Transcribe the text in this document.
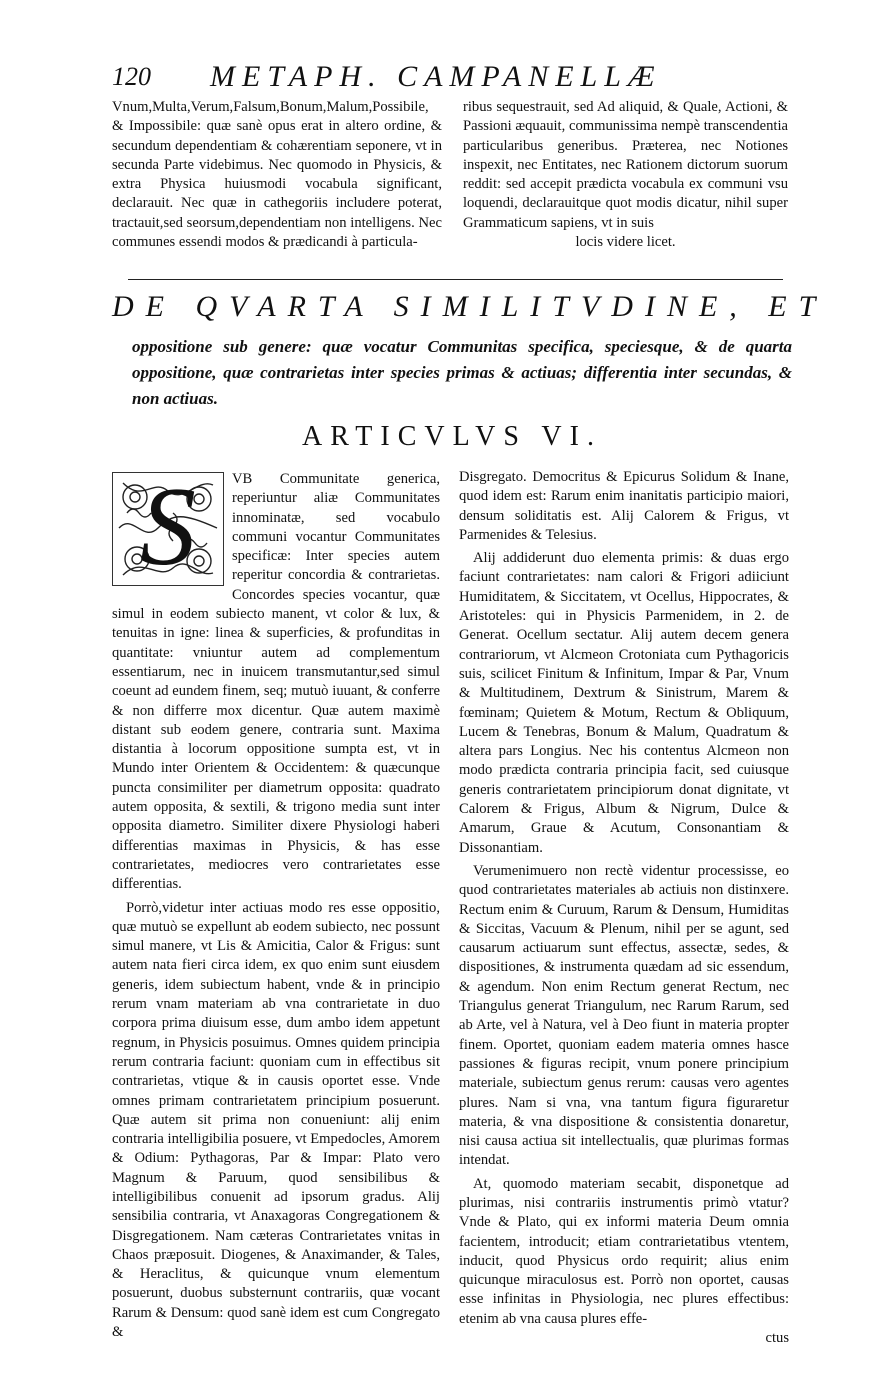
120 METAPH. CAMPANELLÆ

Vnum,Multa,Verum,Falsum,Bonum,Malum,Possibile, & Impossibile: quæ sanè opus erat in altero ordine, & secundum dependentiam & cohærentiam seponere, vt in secunda Parte videbimus. Nec quomodo in Physicis, & extra Physica huiusmodi vocabula significant, declarauit. Nec quæ in cathegoriis includere poterat, tractauit,sed seorsum,dependentiam non intelligens. Nec communes essendi modos & prædicandi à particula-

ribus sequestrauit, sed Ad aliquid, & Quale, Actioni, & Passioni æquauit, communissima nempè transcendentia particularibus generibus. Præterea, nec Notiones inspexit, nec Entitates, nec Rationem dictorum suorum reddit: sed accepit prædicta vocabula ex communi vsu loquendi, declarauitque quot modis dicatur, nihil super Grammaticum sapiens, vt in suis

locis videre licet.

DE QVARTA SIMILITVDINE, ET
oppositione sub genere: quæ vocatur Communitas specifica, speciesque, & de quarta oppositione, quæ contrarietas inter species primas & actiuas; differentia inter secundas, & non actiuas.
ARTICVLVS VI.
S	VB Communitate generica, reperiuntur aliæ Communitates innominatæ, sed vocabulo communi vocantur Communitates specificæ: Inter species autem reperitur concordia & contrarietas. Concordes species vocantur, quæ simul in eodem subiecto manent, vt color & lux, & tenuitas in igne: linea & superficies, & profunditas in quantitate: vniuntur autem ad complementum essentiarum, nec in inuicem transmutantur,sed simul coeunt ad eundem finem, seq; mutuò iuuant, & conferre & non differre mox dicentur. Quæ autem maximè distant sub eodem genere, contraria sunt. Maxima distantia à locorum oppositione sumpta est, vt in Mundo inter Orientem & Occidentem: & quæcunque puncta consimiliter per diametrum opposita: quadrato autem opposita, & sextili, & trigono media sunt inter opposita diametro. Similiter dixere Physiologi haberi differentias maximas in Physicis, & has esse contrarietates, mediocres vero contrarietates esse differentias.

Porrò,videtur inter actiuas modo res esse oppositio, quæ mutuò se expellunt ab eodem subiecto, nec possunt simul manere, vt Lis & Amicitia, Calor & Frigus: sunt autem nata fieri circa idem, ex quo enim sunt eiusdem generis, idem subiectum habent, vnde & in principio rerum vnam materiam ab vna contrarietate in duo corpora prima diuisum esse, dum ambo idem appetunt regnum, in Physicis posuimus. Omnes quidem principia rerum contraria faciunt: quoniam cum in effectibus sit contrarietas, vtique & in causis oportet esse. Vnde omnes primam contrarietatem principium posuerunt. Quæ autem sit prima non conueniunt: alij enim contraria intelligibilia posuere, vt Empedocles, Amorem & Odium: Pythagoras, Par & Impar: Plato vero Magnum & Paruum, quod sensibilibus & intelligibilibus conuenit ad ipsorum gradus. Alij sensibilia contraria, vt Anaxagoras Congregationem & Disgregationem. Nam cæteras Contrarietates vnitas in Chaos præposuit. Diogenes, & Anaximander, & Tales, & Heraclitus, & quicunque vnum elementum posuerunt, duobus substernunt contrariis, quæ vocant Rarum & Densum: quod sanè idem est cum Congregato &

Disgregato. Democritus & Epicurus Solidum & Inane, quod idem est: Rarum enim inanitatis participio maiori, densum soliditatis est. Alij Calorem & Frigus, vt Parmenides & Telesius.

Alij addiderunt duo elementa primis: & duas ergo faciunt contrarietates: nam calori & Frigori adiiciunt Humiditatem, & Siccitatem, vt Ocellus, Hippocrates, & Aristoteles: qui in Physicis Parmenidem, in 2. de Generat. Ocellum sectatur. Alij autem decem genera contrariorum, vt Alcmeon Crotoniata cum Pythagoricis suis, scilicet Finitum & Infinitum, Impar & Par, Vnum & Multitudinem, Dextrum & Sinistrum, Marem & fœminam; Quietem & Motum, Rectum & Obliquum, Lucem & Tenebras, Bonum & Malum, Quadratum & altera pars Longius. Nec his contentus Alcmeon non modo prædicta contraria principia facit, sed cuiusque generis contrarietatem principiorum donat dignitate, vt Calorem & Frigus, Album & Nigrum, Dulce & Amarum, Graue & Acutum, Consonantiam & Dissonantiam.

Verumenimuero non rectè videntur processisse, eo quod contrarietates materiales ab actiuis non distinxere. Rectum enim & Curuum, Rarum & Densum, Humiditas & Siccitas, Vacuum & Plenum, nihil per se agunt, sed causarum actiuarum sunt effectus, assectæ, sedes, & dispositiones, & instrumenta quædam ad sic essendum, & agendum. Non enim Rectum generat Rectum, nec Triangulus generat Triangulum, nec Rarum Rarum, sed ab Arte, vel à Natura, vel à Deo fiunt in materia propter finem. Oportet, quoniam eadem materia omnes hasce passiones & figuras recipit, vnum ponere principium materiale, subiectum genus rerum: causas vero agentes plures. Nam si vna, vna tantum figura figuraretur materia, & vna dispositione & consistentia donaretur, nisi causa actiua sit intellectualis, quæ plurimas formas intendat.

At, quomodo materiam secabit, disponetque ad plurimas, nisi contrariis instrumentis primò vtatur? Vnde & Plato, qui ex informi materia Deum omnia facientem, introducit; etiam contrarietatibus vtentem, inducit, quod Physicus ordo requirit; alius enim quicunque miraculosus est. Porrò non oportet, causas esse infinitas in Physiologia, nec plures effectibus: etenim ab vna causa plures effe-

ctus
